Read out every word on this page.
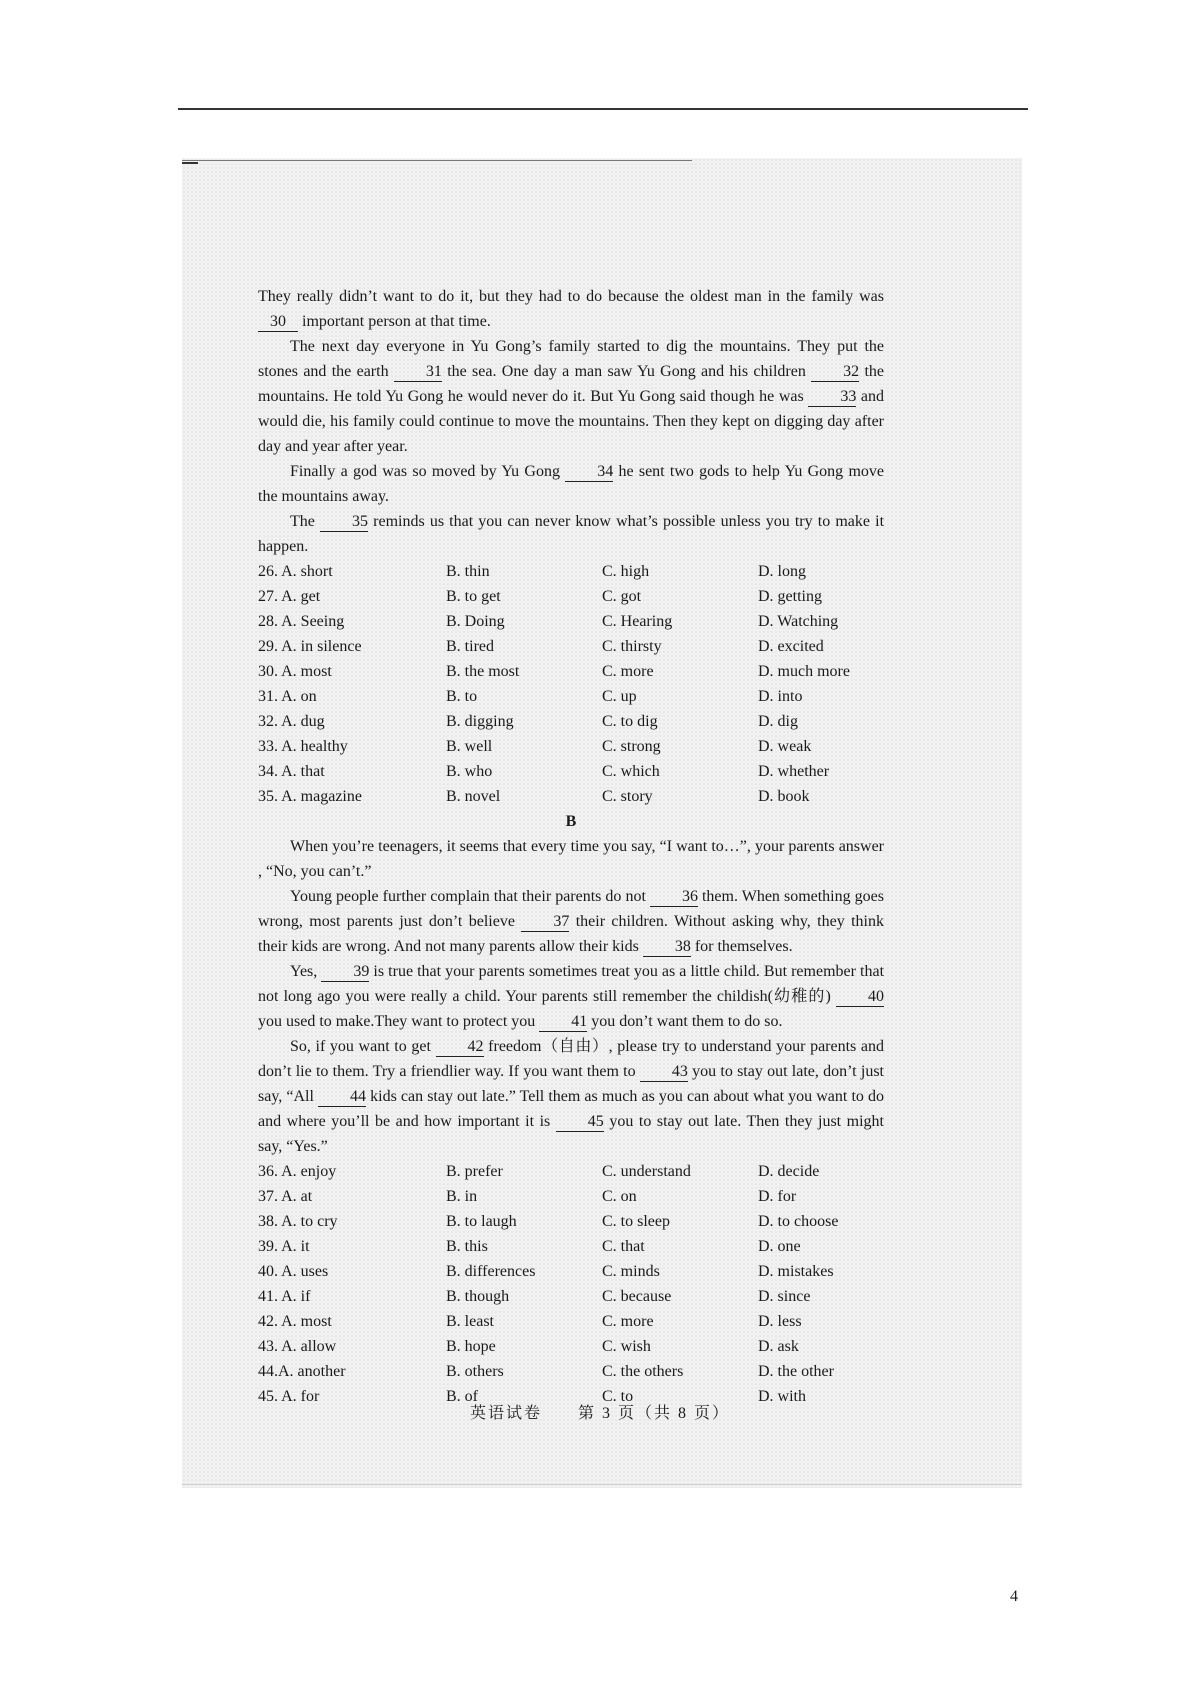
They really didn’t want to do it, but they had to do because the oldest man in the family was 30 important person at that time.

The next day everyone in Yu Gong’s family started to dig the mountains. They put the stones and the earth 31 the sea. One day a man saw Yu Gong and his children 32 the mountains. He told Yu Gong he would never do it. But Yu Gong said though he was 33 and would die, his family could continue to move the mountains. Then they kept on digging day after day and year after year.

Finally a god was so moved by Yu Gong 34 he sent two gods to help Yu Gong move the mountains away.

The 35 reminds us that you can never know what’s possible unless you try to make it happen.

26. A. short	B. thin	C. high	D. long
27. A. get	B. to get	C. got	D. getting
28. A. Seeing	B. Doing	C. Hearing	D. Watching
29. A. in silence	B. tired	C. thirsty	D. excited
30. A. most	B. the most	C. more	D. much more
31. A. on	B. to	C. up	D. into
32. A. dug	B. digging	C. to dig	D. dig
33. A. healthy	B. well	C. strong	D. weak
34. A. that	B. who	C. which	D. whether
35. A. magazine	B. novel	C. story	D. book
B

When you’re teenagers, it seems that every time you say, “I want to…”, your parents answer , “No, you can’t.”

Young people further complain that their parents do not 36 them. When something goes wrong, most parents just don’t believe 37 their children. Without asking why, they think their kids are wrong. And not many parents allow their kids 38 for themselves.

Yes, 39 is true that your parents sometimes treat you as a little child. But remember that not long ago you were really a child. Your parents still remember the childish(幼稚的) 40 you used to make.They want to protect you 41 you don’t want them to do so.

So, if you want to get 42 freedom（自由）, please try to understand your parents and don’t lie to them. Try a friendlier way. If you want them to 43 you to stay out late, don’t just say, “All 44 kids can stay out late.” Tell them as much as you can about what you want to do and where you’ll be and how important it is 45 you to stay out late. Then they just might say, “Yes.”

36. A. enjoy	B. prefer	C. understand	D. decide
37. A. at	B. in	C. on	D. for
38. A. to cry	B. to laugh	C. to sleep	D. to choose
39. A. it	B. this	C. that	D. one
40. A. uses	B. differences	C. minds	D. mistakes
41. A. if	B. though	C. because	D. since
42. A. most	B. least	C. more	D. less
43. A. allow	B. hope	C. wish	D. ask
44.A. another	B. others	C. the others	D. the other
45. A. for	B. of	C. to	D. with
英语试卷　　第 3 页（共 8 页）
4
